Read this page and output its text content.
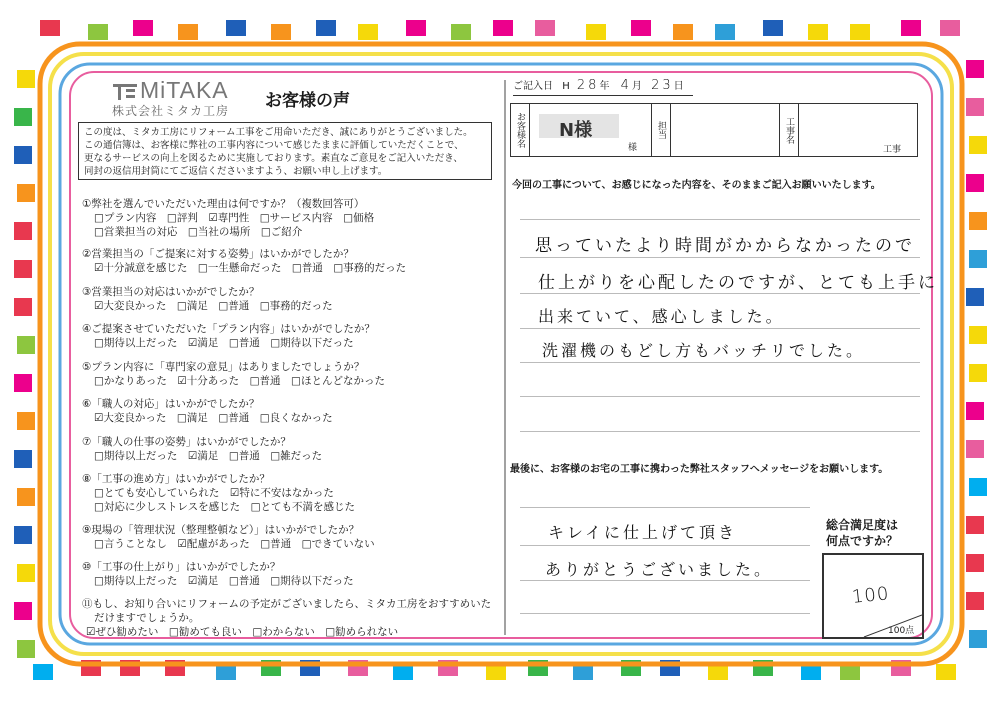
MiTAKA
株式会社ミタカ工房 お客様の声
この度は、ミタカ工房にリフォーム工事をご用命いただき、誠にありがとうございました。
この通信簿は、お客様に弊社の工事内容について感じたままに評価していただくことで、
更なるサービスの向上を図るために実施しております。素直なご意見をご記入いただき、
同封の返信用封筒にてご返信くださいますよう、お願い申し上げます。
①弊社を選んでいただいた理由は何ですか？（複数回答可）
□プラン内容　□評判　☑専門性　□サービス内容　□価格
□営業担当の対応　□当社の場所　□ご紹介
②営業担当の「ご提案に対する姿勢」はいかがでしたか？
☑十分誠意を感じた　□一生懸命だった　□普通　□事務的だった
③営業担当の対応はいかがでしたか？
☑大変良かった　□満足　□普通　□事務的だった
④ご提案させていただいた「プラン内容」はいかがでしたか？
□期待以上だった　☑満足　□普通　□期待以下だった
⑤プラン内容に「専門家の意見」はありましたでしょうか？
□かなりあった　☑十分あった　□普通　□ほとんどなかった
⑥「職人の対応」はいかがでしたか？
☑大変良かった　□満足　□普通　□良くなかった
⑦「職人の仕事の姿勢」はいかがでしたか？
□期待以上だった　☑満足　□普通　□雑だった
⑧「工事の進め方」はいかがでしたか？
□とても安心していられた　☑特に不安はなかった
□対応に少しストレスを感じた　□とても不満を感じた
⑨現場の「管理状況（整理整頓など）」はいかがでしたか？
□言うことなし　☑配慮があった　□普通　□できていない
⑩「工事の仕上がり」はいかがでしたか？
□期待以上だった　☑満足　□普通　□期待以下だった
⑪もし、お知り合いにリフォームの予定がございましたら、ミタカ工房をおすすめいた
だけますでしょうか。
☑ぜひ勧めたい　□勧めても良い　□わからない　□勧められない
ご記入日 H 28年 4月 23日
お客様名 N様
様
担当	工事名
工事
今回の工事について、お感じになった内容を、そのままご記入お願いいたします。
思っていたより時間がかからなかったので
仕上がりを心配したのですが、とても上手に
出来ていて、感心しました。
洗濯機のもどし方もバッチリでした。
最後に、お客様のお宅の工事に携わった弊社スタッフへメッセージをお願いします。
キレイに仕上げて頂き
ありがとうございました。
総合満足度は
何点ですか？
100
100点
